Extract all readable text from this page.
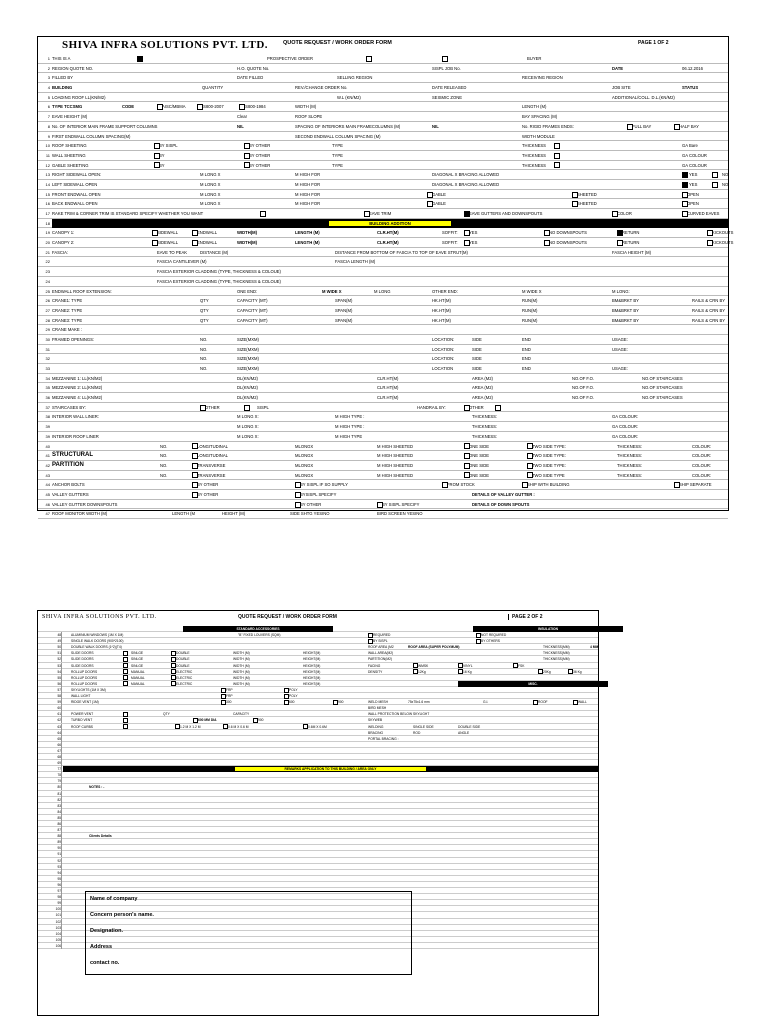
SHIVA INFRA SOLUTIONS PVT. LTD.	QUOTE REQUEST / WORK ORDER FORM	PAGE 1 OF 2
1 THIS IS A	PROSPECTIVE ORDER	BUYER
2 REGION QUOTE NO.	H.O. QUOTE No.	SISPL JOB No.	DATE	06.12.2016
3 FILLED BY	DATE FILLED	SELLING REGION	RECEIVING REGION
4 BUILDING	QUANTITY	REV./CHANGE ORDER No.	DATE RELEASED	JOB SITE	STATUS
5 LOADING ROOF LL(KN/M2)	W.L (KN/M2)	SEISMIC ZONE	ADDITIONAL/COLL. D.L.(KN/M2)
6 TYPE TCCSMG	CODE	AISC/MBMA	IS800-2007	IS800-1984	WIDTH (M)	LENGTH (M)
7 EAVE HEIGHT (M)	Clear	ROOF SLOPE	BAY SPACING (M)
8 No. OF INTERIOR MAIN FRAME SUPPORT COLUMNS	NIL	SPACING OF INTERIORS MAIN FRAMECOLUMNS (M)	NIL	No. RIGID FRAMES ENDS:	FULL BAY	HALF BAY
9 FIRST ENDWALL COLUMN SPACING(M)	SECOND ENDWALL COLUMN SPACING (M)	WIDTH MODULE
10 ROOF SHEETING	BY SISPL	BY OTHER	TYPE	THICKNESS	GA Bare
11 WALL SHEETING	BY	BY OTHER	TYPE	THICKNESS	GA COLOUR
12 GABLE SHEETING	BY	BY OTHER	TYPE	THICKNESS	GA COLOUR
13 RIGHT SIDEWALL OPEN:	M LONG X	M HIGH FOR	DIAGONAL X BRACING ALLOWED	YES	NO
14 LEFT SIDEWALL OPEN	M LONG X	M HIGH FOR	DIAGONAL X BRACING ALLOWED	YES	NO
15 FRONT ENDWALL OPEN	M LONG X	M HIGH FOR	GABLE	SHEETED	OPEN
16 BACK ENDWALL OPEN	M LONG X	M HIGH FOR	GABLE	SHEETED	OPEN
17 RAKE TRIM & CORNER TRIM IS STANDARD SPECIFY WHETHER YOU WANT	EAVE TRIM	EAVE GUTTERS AND DOWNSPOUTS	COLOR	CURVED EAVES
18	BUILDING ADDITION
19 CANOPY 1:	SIDEWALL	ENDWALL	WIDTH(M)	LENGTH (M)	CLR.HT(M)	SOFFIT:	YES	NO DOWNSPOUTS	RETURN	KICKOUTS
20 CANOPY 2:	SIDEWALL	ENDWALL	WIDTH(M)	LENGTH (M)	CLR.HT(M)	SOFFIT:	YES	NO DOWNSPOUTS	RETURN	KICKOUTS
21 FASCIA:	EAVE TO PEAK	DISTANCE (M)	DISTANCE FROM BOTTOM OF FASCIA TO TOP OF EAVE STRUT(M)	FASCIA HEIGHT (M)
22	FASCIA CANTILEVER (M)	FASCIA LENGTH (M)
23	FASCIA EXTERIOR CLADDING (TYPE, THICKNESS & COLOUE)
24	FASCIA EXTERIOR CLADDING (TYPE, THICKNESS & COLOUE)
25 ENDWALL ROOF EXTENSION:	ONE END:	M WIDE X	M LONG	OTHER END:	M WIDE X	M LONG:
26 CRANE1: TYPE	QTY	CAPACITY (MT)	SPAN(M)	HK.HT(M)	RUN(M)	BM&BRKT BY	RAILS & CRN BY
27 CRANE2: TYPE	QTY	CAPACITY (MT)	SPAN(M)	HK.HT(M)	RUN(M)	BM&BRKT BY	RAILS & CRN BY
28 CRANE3: TYPE	QTY	CAPACITY (MT)	SPAN(M)	HK.HT(M)	RUN(M)	BM&BRKT BY	RAILS & CRN BY
29 CRANE MAKE :
30 FRAMED OPENINGS:	NO.	SIZE(MXM)	LOCATION:	SIDE	END	USAGE:
31	NO.	SIZE(MXM)	LOCATION:	SIDE	END	USAGE:
32	NO.	SIZE(MXM)	LOCATION:	SIDE	END
33	NO.	SIZE(MXM)	LOCATION	SIDE	END	USAGE:
34 MEZZANINE 1: LL(KN/M2)	DL(KN/M2)	CLR.HT(M)	AREA (M2)	NO.OF F.O.	NO.OF STAIRCASES
35 MEZZANINE 2: LL(KN/M2)	DL(KN/M2)	CLR.HT(M)	AREA (M2)	NO.OF F.O.	NO.OF STAIRCASES
36 MEZZANINE 4: LL(KN/M2)	DL(KN/M2)	CLR.HT(M)	AREA (M2)	NO.OF F.O.	NO.OF STAIRCASES
37 STAIRCASES BY:	OTHER	SISPL	HANDRAIL BY:	OTHER
38 INTERIOR WALL LINER:	M LONG X:	M HIGH TYPE :	THICKNESS:	GA COLOUR:
39	M LONG X:	M HIGH TYPE :	THICKNESS:	GA COLOUR:
39 INTERIOR ROOF LINER	M LONG X:	M HIGH TYPE	THICKNESS:	GA COLOUR:
40	NO.	LONGITUDINAL	MLONGX	M HIGH SHEETED	ONE SIDE	TWO SIDE TYPE:	THICKNESS:	COLOUR:
41 STRUCTURAL	NO.	LONGITUDINAL	MLONGX	M HIGH SHEETED	ONE SIDE	TWO SIDE TYPE:	THICKNESS:	COLOUR:
42 PARTITION	NO.	TRANSVERSE	MLONGX	M HIGH SHEETED	ONE SIDE	TWO SIDE TYPE:	THICKNESS:	COLOUR:
43	NO.	TRANSVERSE	MLONGX	M HIGH SHEETED	ONE SIDE	TWO SIDE TYPE	THICKNESS:	COLOUR:
44 ANCHOR BOLTS	BY OTHER	BY SISPL IF SO SUPPLY	FROM STOCK	SHIP WITH BUILDING	SHIP SEPARATE
45 VALLEY GUTTERS	BY OTHER	BYSISPL SPECIFY	DETAILS OF VALLEY GUTTER :
46 VALLEY GUTTER DOWNSPOUTS	BY OTHER	BY SISPL SPECIFY	DETAILS OF DOWN SPOUTS
47 ROOF MONITOR WIDTH (M)	LENGTH (M	HEIGHT (M)	SIDE SHTG YESINO	BIRD SCREEN YESINO
SHIVA INFRA SOLUTIONS PVT. LTD.	QUOTE REQUEST / WORK ORDER FORM	PAGE 2 OF 2
STANDARD ACCESSORIES	INSULATION
48	ALUMINIUM WINDOWS (1M X 1M)	"B" FIXED LOUVERS (SQM)	REQUIRED	NOT REQUIRED
49	SINGLE WALK DOORS (900*2100)	BY SISPL	BY OTHERS
50	DOUBLE WALK DOORS (1*2)(T4)	ROOF AREA (M2	ROOF AREA (SUPER POLYMUM)	THICKNESS(MM)	4 MM
51	SLIDE DOORS	SINLGE	DOUBLE	WIDTH (M)	HEIGHT(M)	WALL AREA(M2)	THICKNESS(MM)
52	SLIDE DOORS	SINLGE	DOUBLE	WIDTH (M)	HEIGHT(M)	PARTITION(M2)	THICKNESS(MM)
53	SLIDE DOORS	SINLGE	DOUBLE	WIDTH (M)	HEIGHT(M)	FACING	WMSK	VINYL	FSK
54	ROLLUP DOORS	MANUAL	ELECTRIC	WIDTH (M)	HEIGHT(M)	DENSITY	12Kg	16 Kg	20Kg	36 Kg
55	ROLLUP DOORS	MANUAL	ELECTRIC	WIDTH (M)	HEIGHT(M)
56	ROLLUP DOORS	MANUAL	ELECTRIC	WIDTH (M)	HEIGHT(M)	MISC.
57	SKYLIGHTS (1M X 3M)	FRP	POLY
58	WALL LIGHT	FRP	POLY
59	RIDGE VENT (1M)	300	600	900	WELD MESH	75x75x1.6 mm	G.I.	ROOF	WALL
60	BIRD MESH
61	POWER VENT	QTY	CAPACITY	WALL PROTECTION BELOW SKYLIGHT
62	TURBO VENT	600 MM DIA	900	SKYWEB
63	ROOF CURBS	1.2 M X 1.2 M	0.6 M X 0.6 M	0.6M X 0.6M	WELDING	SINGLE SIDE	DOUBLE SIDE
64	BRACING	ROD	ANGLE
65	PORTAL BRACING :
66
67
68
69
77	REMARKS APPLICATION TO THIS BUILDING / AREA ONLY
78
79
80	NOTES : -
81
82
83
84
85
86
87
88	Clients Details
89
90
91
92
93
94
95
96
97
98
99
100
101
102
103
104
105
106
Name of company
Concern person's name.
Designation.
Address
contact no.
